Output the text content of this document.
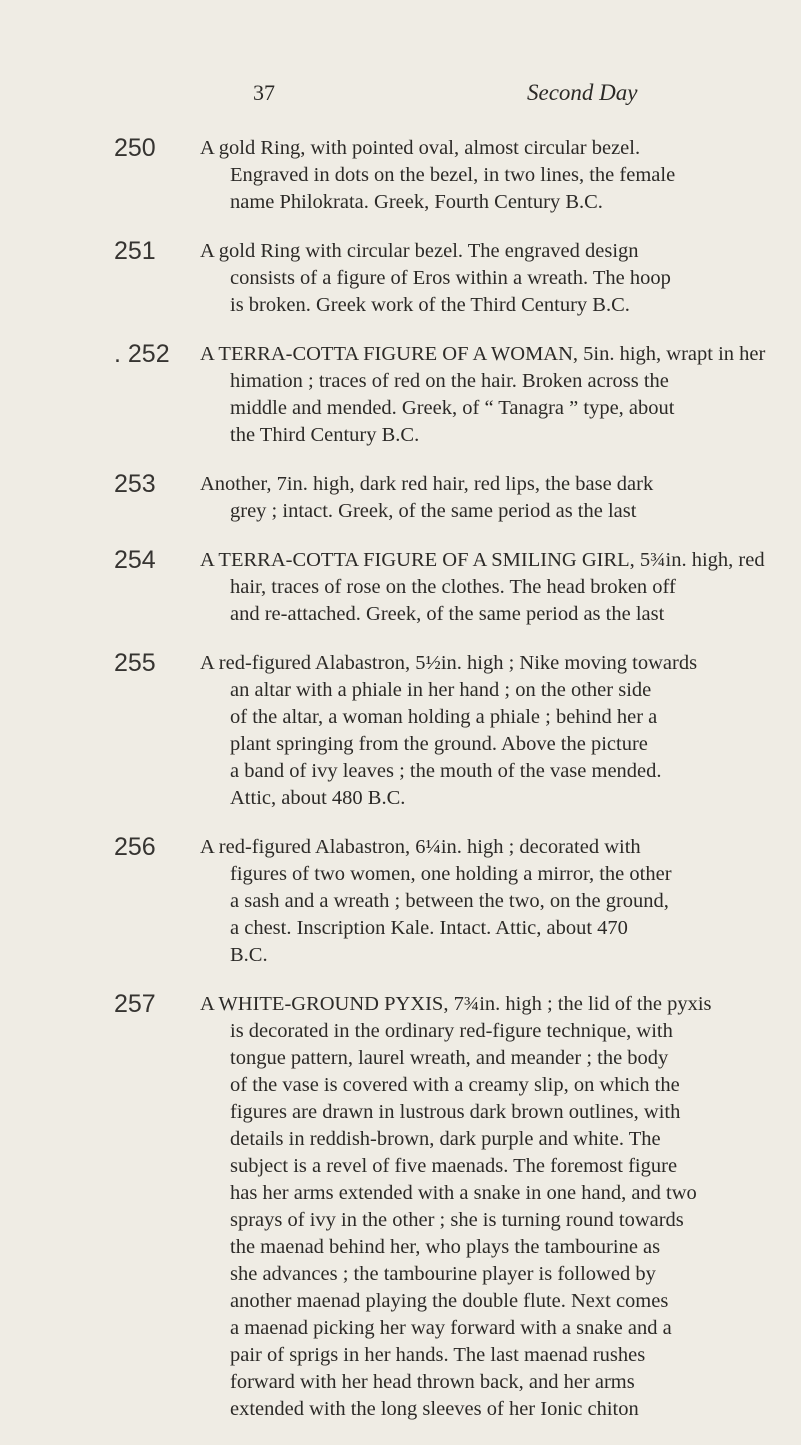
37	Second Day
250 A gold Ring, with pointed oval, almost circular bezel.
Engraved in dots on the bezel, in two lines, the female
name Philokrata. Greek, Fourth Century B.C.
251 A gold Ring with circular bezel. The engraved design
consists of a figure of Eros within a wreath. The hoop
is broken. Greek work of the Third Century B.C.
. 252 A TERRA-COTTA FIGURE OF A WOMAN, 5in. high, wrapt in her
himation ; traces of red on the hair. Broken across the
middle and mended. Greek, of “ Tanagra ” type, about
the Third Century B.C.
253 Another, 7in. high, dark red hair, red lips, the base dark
grey ; intact. Greek, of the same period as the last
254 A TERRA-COTTA FIGURE OF A SMILING GIRL, 5¾in. high, red
hair, traces of rose on the clothes. The head broken off
and re-attached. Greek, of the same period as the last
255 A red-figured Alabastron, 5½in. high ; Nike moving towards
an altar with a phiale in her hand ; on the other side
of the altar, a woman holding a phiale ; behind her a
plant springing from the ground. Above the picture
a band of ivy leaves ; the mouth of the vase mended.
Attic, about 480 B.C.
256 A red-figured Alabastron, 6¼in. high ; decorated with
figures of two women, one holding a mirror, the other
a sash and a wreath ; between the two, on the ground,
a chest. Inscription Kale. Intact. Attic, about 470
B.C.
257 A WHITE-GROUND PYXIS, 7¾in. high ; the lid of the pyxis
is decorated in the ordinary red-figure technique, with
tongue pattern, laurel wreath, and meander ; the body
of the vase is covered with a creamy slip, on which the
figures are drawn in lustrous dark brown outlines, with
details in reddish-brown, dark purple and white. The
subject is a revel of five maenads. The foremost figure
has her arms extended with a snake in one hand, and two
sprays of ivy in the other ; she is turning round towards
the maenad behind her, who plays the tambourine as
she advances ; the tambourine player is followed by
another maenad playing the double flute. Next comes
a maenad picking her way forward with a snake and a
pair of sprigs in her hands. The last maenad rushes
forward with her head thrown back, and her arms
extended with the long sleeves of her Ionic chiton
